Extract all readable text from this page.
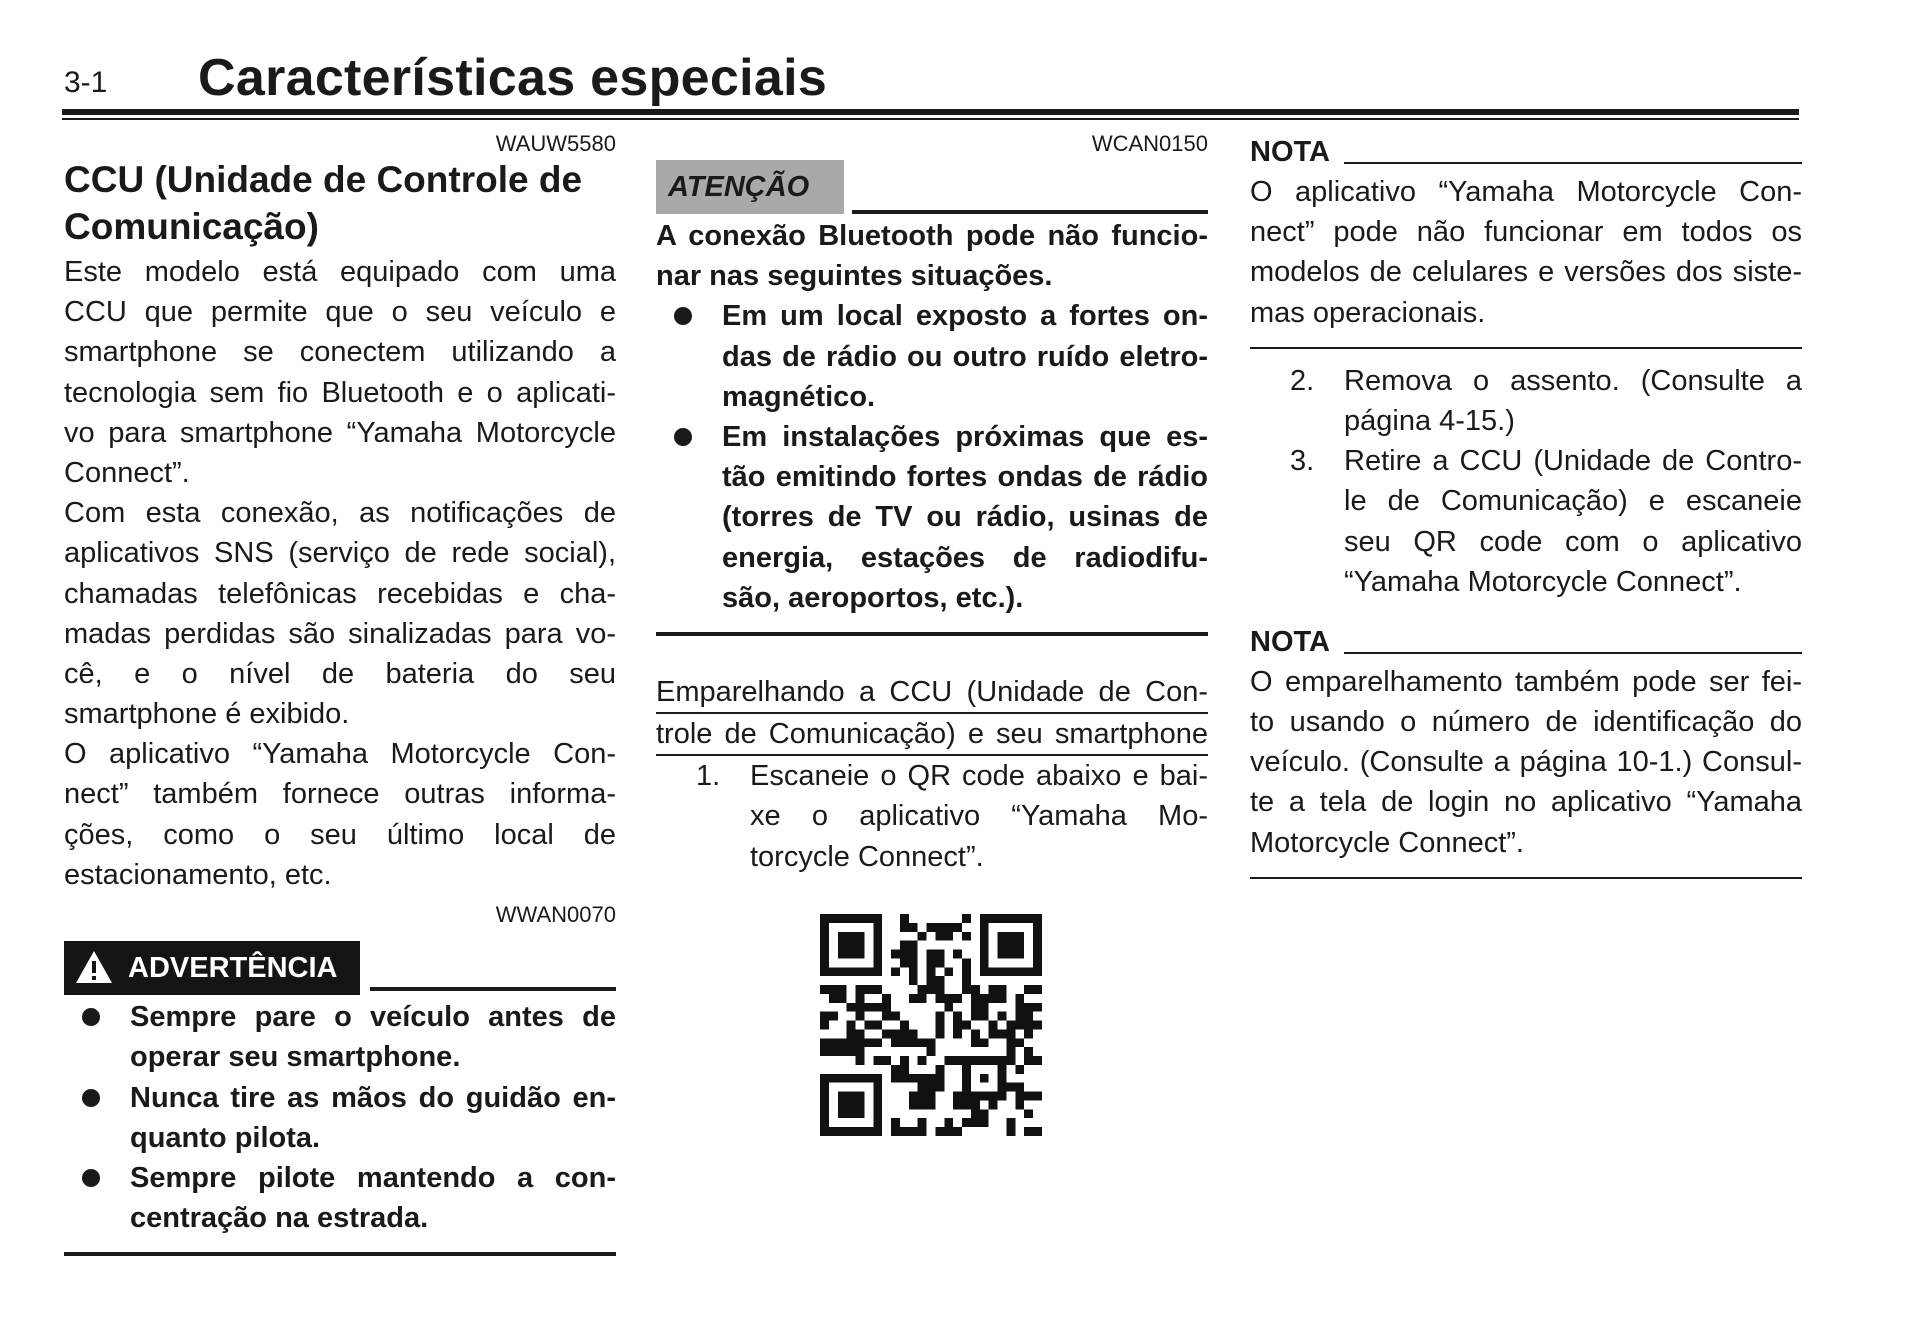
3-1 Características especiais
WAUW5580
CCU (Unidade de Controle de
Comunicação)
Este modelo está equipado com uma
CCU que permite que o seu veículo e
smartphone se conectem utilizando a
tecnologia sem fio Bluetooth e o aplicati-
vo para smartphone “Yamaha Motorcycle
Connect”.
Com esta conexão, as notificações de
aplicativos SNS (serviço de rede social),
chamadas telefônicas recebidas e cha-
madas perdidas são sinalizadas para vo-
cê, e o nível de bateria do seu
smartphone é exibido.
O aplicativo “Yamaha Motorcycle Con-
nect” também fornece outras informa-
ções, como o seu último local de
estacionamento, etc.
WWAN0070
ADVERTÊNCIA
Sempre pare o veículo antes de
operar seu smartphone.
Nunca tire as mãos do guidão en-
quanto pilota.
Sempre pilote mantendo a con-
centração na estrada.
WCAN0150
ATENÇÃO
A conexão Bluetooth pode não funcio-
nar nas seguintes situações.
Em um local exposto a fortes on-
das de rádio ou outro ruído eletro-
magnético.
Em instalações próximas que es-
tão emitindo fortes ondas de rádio
(torres de TV ou rádio, usinas de
energia, estações de radiodifu-
são, aeroportos, etc.).
Emparelhando a CCU (Unidade de Con-
trole de Comunicação) e seu smartphone
1. Escaneie o QR code abaixo e bai-
xe o aplicativo “Yamaha Mo-
torcycle Connect”.
NOTA
O aplicativo “Yamaha Motorcycle Con-
nect” pode não funcionar em todos os
modelos de celulares e versões dos siste-
mas operacionais.
2. Remova o assento. (Consulte a
página 4-15.)
3. Retire a CCU (Unidade de Contro-
le de Comunicação) e escaneie
seu QR code com o aplicativo
“Yamaha Motorcycle Connect”.
NOTA
O emparelhamento também pode ser fei-
to usando o número de identificação do
veículo. (Consulte a página 10-1.) Consul-
te a tela de login no aplicativo “Yamaha
Motorcycle Connect”.
